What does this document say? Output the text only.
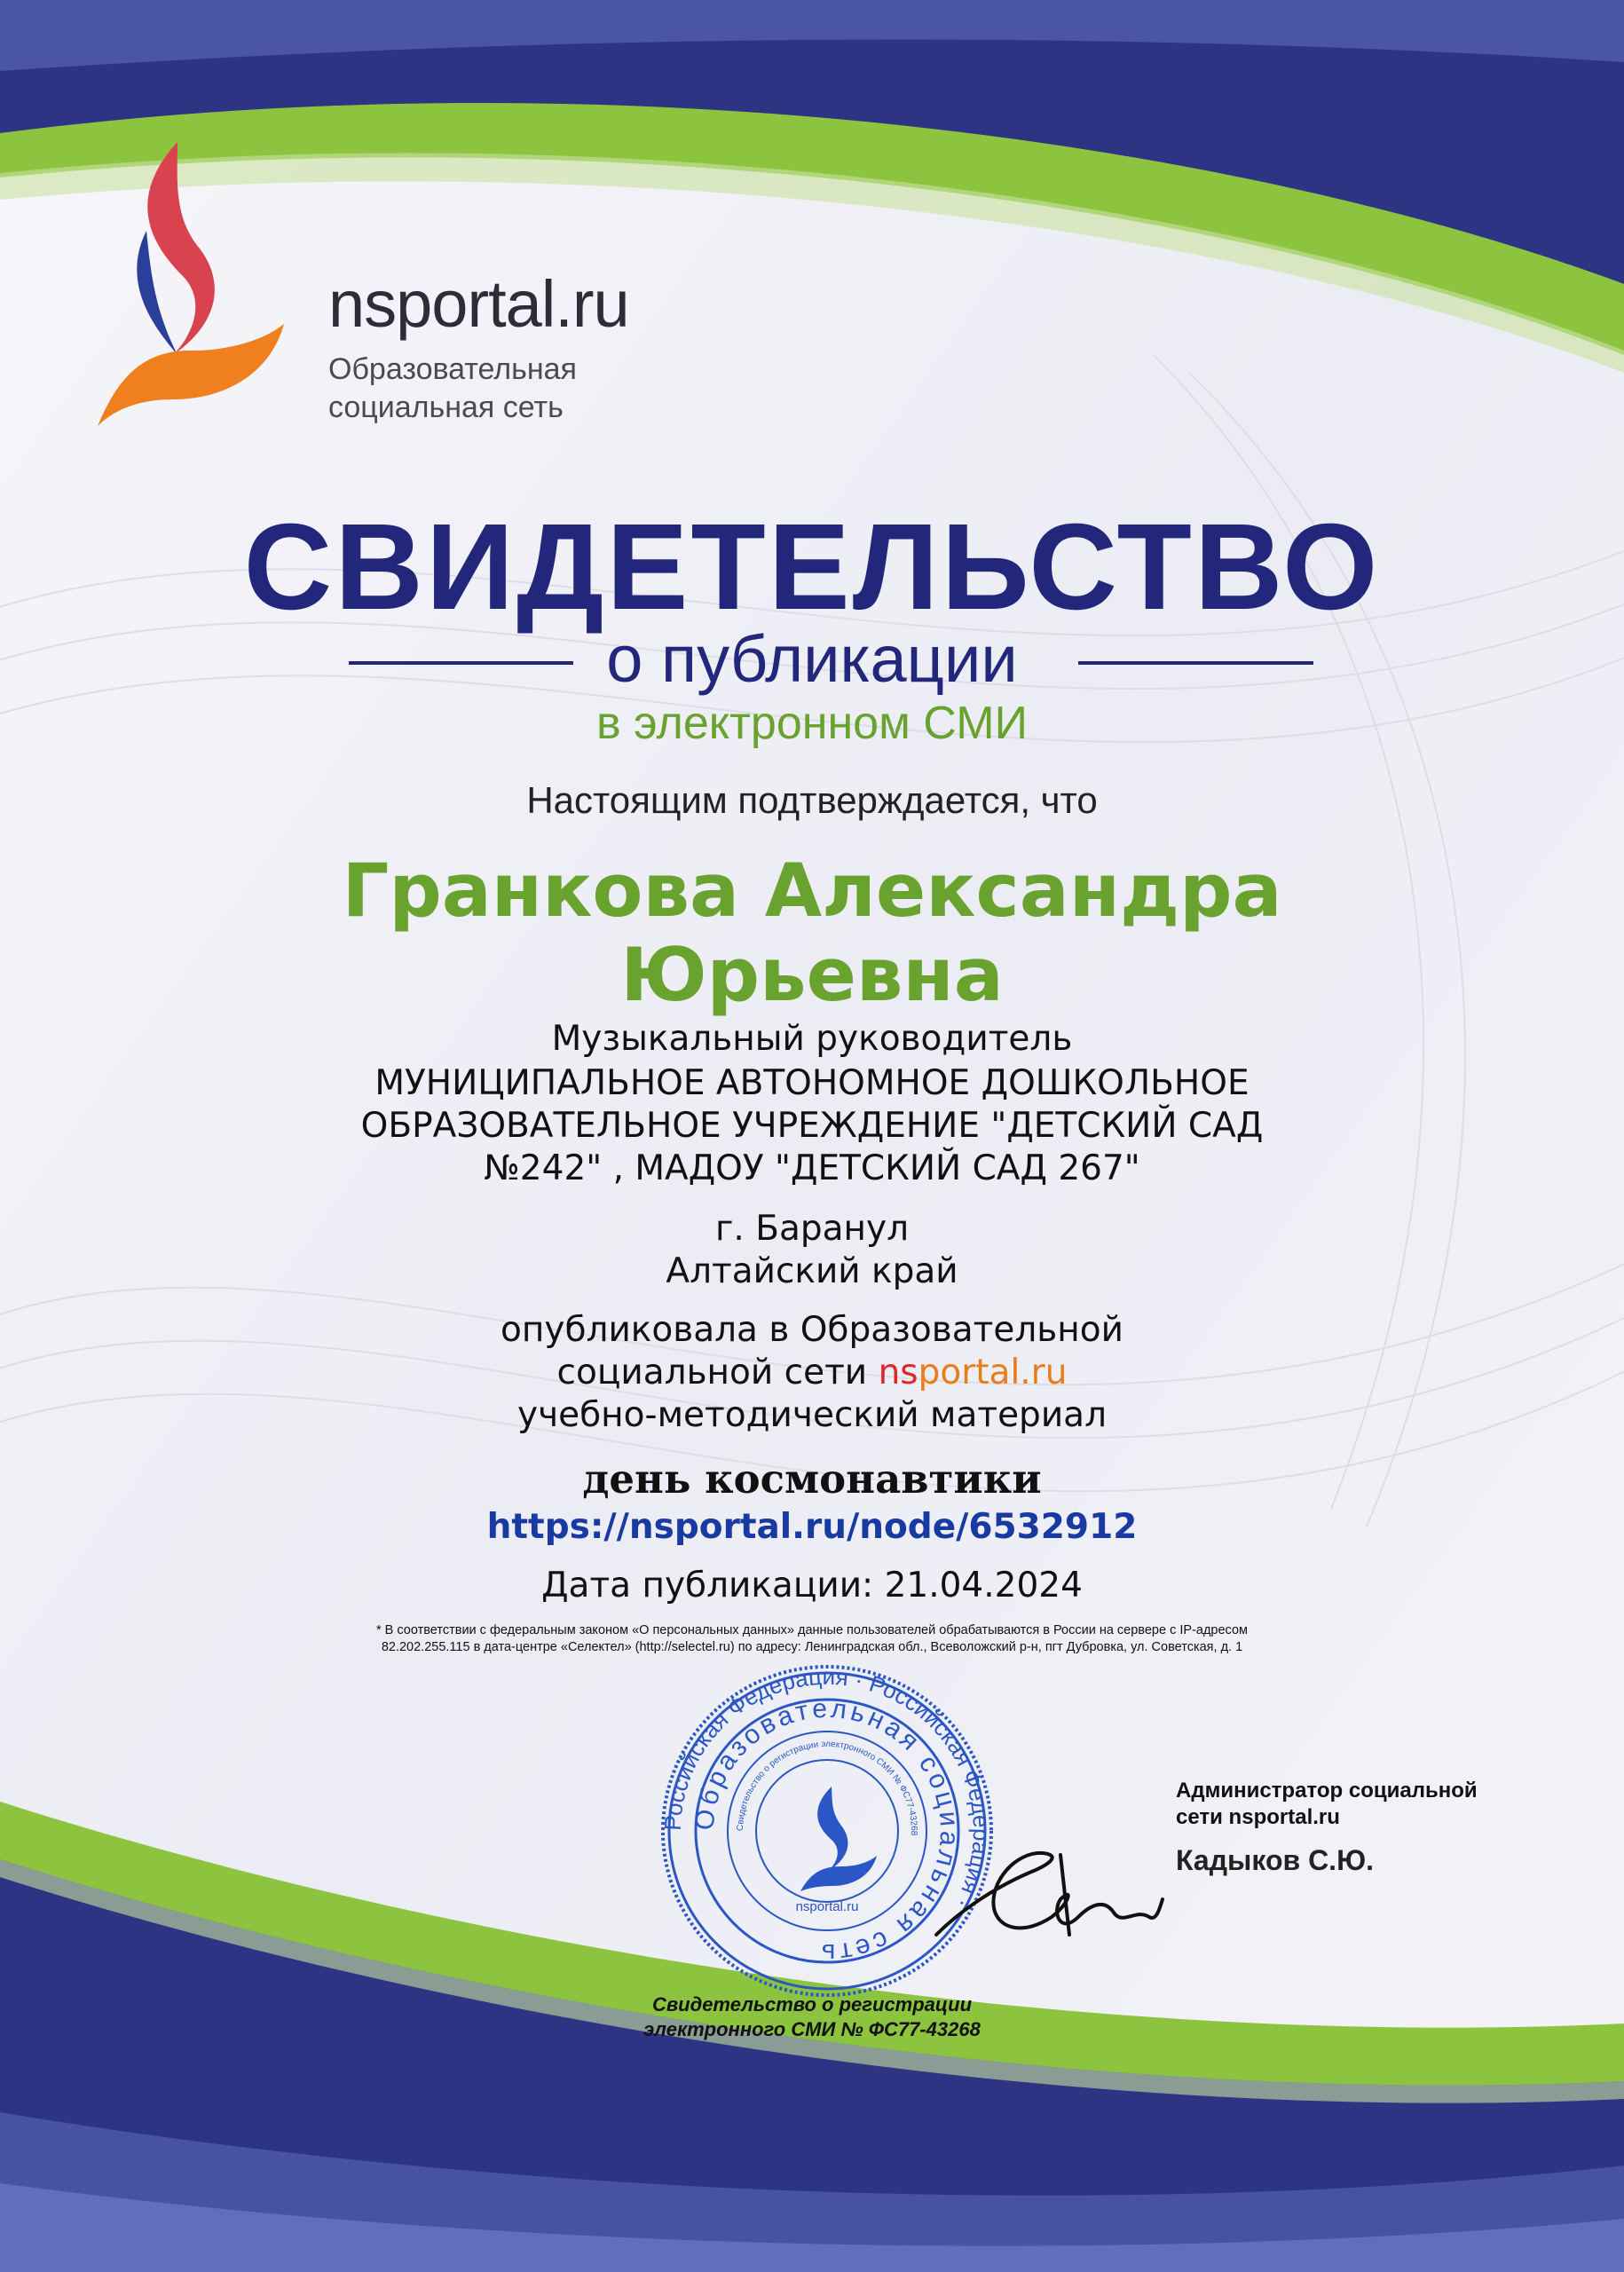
nsportal.ru
Образовательная
социальная сеть
СВИДЕТЕЛЬСТВО
о публикации
в электронном СМИ
Настоящим подтверждается, что
Гранкова Александра
Юрьевна
Музыкальный руководитель
МУНИЦИПАЛЬНОЕ АВТОНОМНОЕ ДОШКОЛЬНОЕ ОБРАЗОВАТЕЛЬНОЕ УЧРЕЖДЕНИЕ "ДЕТСКИЙ САД №242" , МАДОУ "ДЕТСКИЙ САД 267"
г. Баранул
Алтайский край
опубликовала в Образовательной
социальной сети nsportal.ru
учебно-методический материал
день космонавтики
https://nsportal.ru/node/6532912
Дата публикации: 21.04.2024
* В соответствии с федеральным законом «О персональных данных» данные пользователей обрабатываются в России на сервере с IP-адресом
82.202.255.115 в дата-центре «Селектел» (http://selectel.ru) по адресу: Ленинградская обл., Всеволожский р-н, пгт Дубровка, ул. Советская, д. 1
Российская Федерация · Российская Федерация ·
Образовательная социальная сеть
Свидетельство о регистрации электронного СМИ № ФС77-43268
nsportal.ru
Администратор социальной
сети nsportal.ru
Кадыков С.Ю.
Свидетельство о регистрации
электронного СМИ № ФС77-43268
